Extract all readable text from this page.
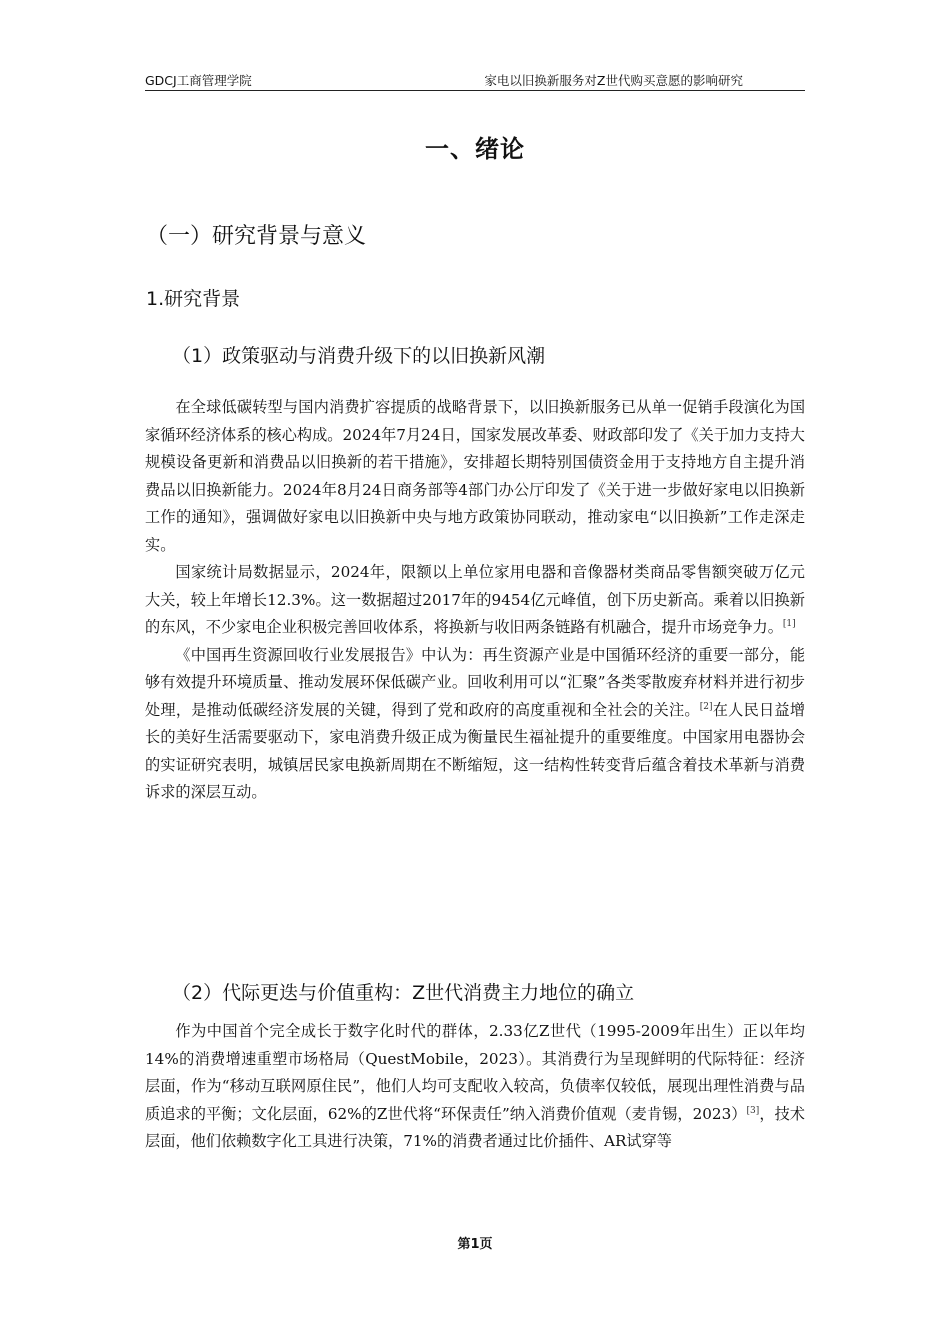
GDCJ工商管理学院	家电以旧换新服务对Z世代购买意愿的影响研究
一、绪论
（一）研究背景与意义
1.研究背景
（1）政策驱动与消费升级下的以旧换新风潮

在全球低碳转型与国内消费扩容提质的战略背景下，以旧换新服务已从单一促销手段演化为国家循环经济体系的核心构成。2024年7月24日，国家发展改革委、财政部印发了《关于加力支持大规模设备更新和消费品以旧换新的若干措施》，安排超长期特别国债资金用于支持地方自主提升消费品以旧换新能力。2024年8月24日商务部等4部门办公厅印发了《关于进一步做好家电以旧换新工作的通知》，强调做好家电以旧换新中央与地方政策协同联动，推动家电“以旧换新”工作走深走实。

国家统计局数据显示，2024年，限额以上单位家用电器和音像器材类商品零售额突破万亿元大关，较上年增长12.3%。这一数据超过2017年的9454亿元峰值，创下历史新高。乘着以旧换新的东风，不少家电企业积极完善回收体系，将换新与收旧两条链路有机融合，提升市场竞争力。[1]

《中国再生资源回收行业发展报告》中认为：再生资源产业是中国循环经济的重要一部分，能够有效提升环境质量、推动发展环保低碳产业。回收利用可以“汇聚”各类零散废弃材料并进行初步处理，是推动低碳经济发展的关键，得到了党和政府的高度重视和全社会的关注。[2]在人民日益增长的美好生活需要驱动下，家电消费升级正成为衡量民生福祉提升的重要维度。中国家用电器协会的实证研究表明，城镇居民家电换新周期在不断缩短，这一结构性转变背后蕴含着技术革新与消费诉求的深层互动。

（2）代际更迭与价值重构：Z世代消费主力地位的确立

作为中国首个完全成长于数字化时代的群体，2.33亿Z世代（1995-2009年出生）正以年均14%的消费增速重塑市场格局（QuestMobile，2023）。其消费行为呈现鲜明的代际特征：经济层面，作为“移动互联网原住民”，他们人均可支配收入较高，负债率仅较低，展现出理性消费与品质追求的平衡；文化层面，62%的Z世代将“环保责任”纳入消费价值观（麦肯锡，2023）[3]，技术层面，他们依赖数字化工具进行决策，71%的消费者通过比价插件、AR试穿等

第1页
